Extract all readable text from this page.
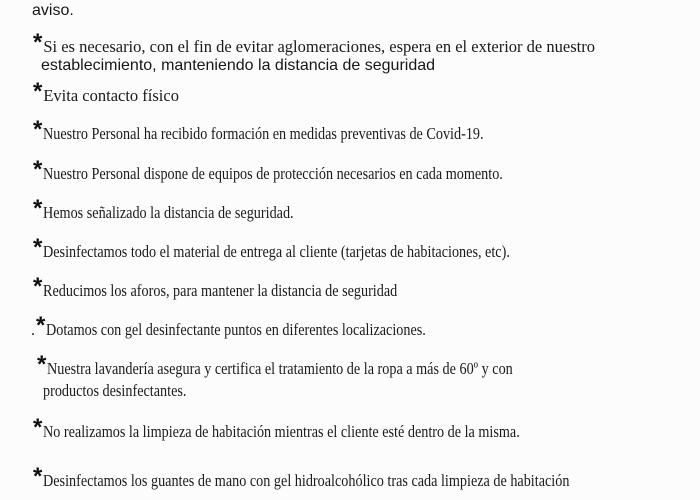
aviso.
*Si es necesario, con el fin de evitar aglomeraciones, espera en el exterior de nuestro
establecimiento, manteniendo la distancia de seguridad
*Evita contacto físico
*Nuestro Personal ha recibido formación en medidas preventivas de Covid-19.
*Nuestro Personal dispone de equipos de protección necesarios en cada momento.
*Hemos señalizado la distancia de seguridad.
*Desinfectamos todo el material de entrega al cliente (tarjetas de habitaciones, etc).
*Reducimos los aforos, para mantener la distancia de seguridad
.*Dotamos con gel desinfectante puntos en diferentes localizaciones.
*Nuestra lavandería asegura y certifica el tratamiento de la ropa a más de 60º y con
productos desinfectantes.
*No realizamos la limpieza de habitación mientras el cliente esté dentro de la misma.
*Desinfectamos los guantes de mano con gel hidroalcohólico tras cada limpieza de habitación
